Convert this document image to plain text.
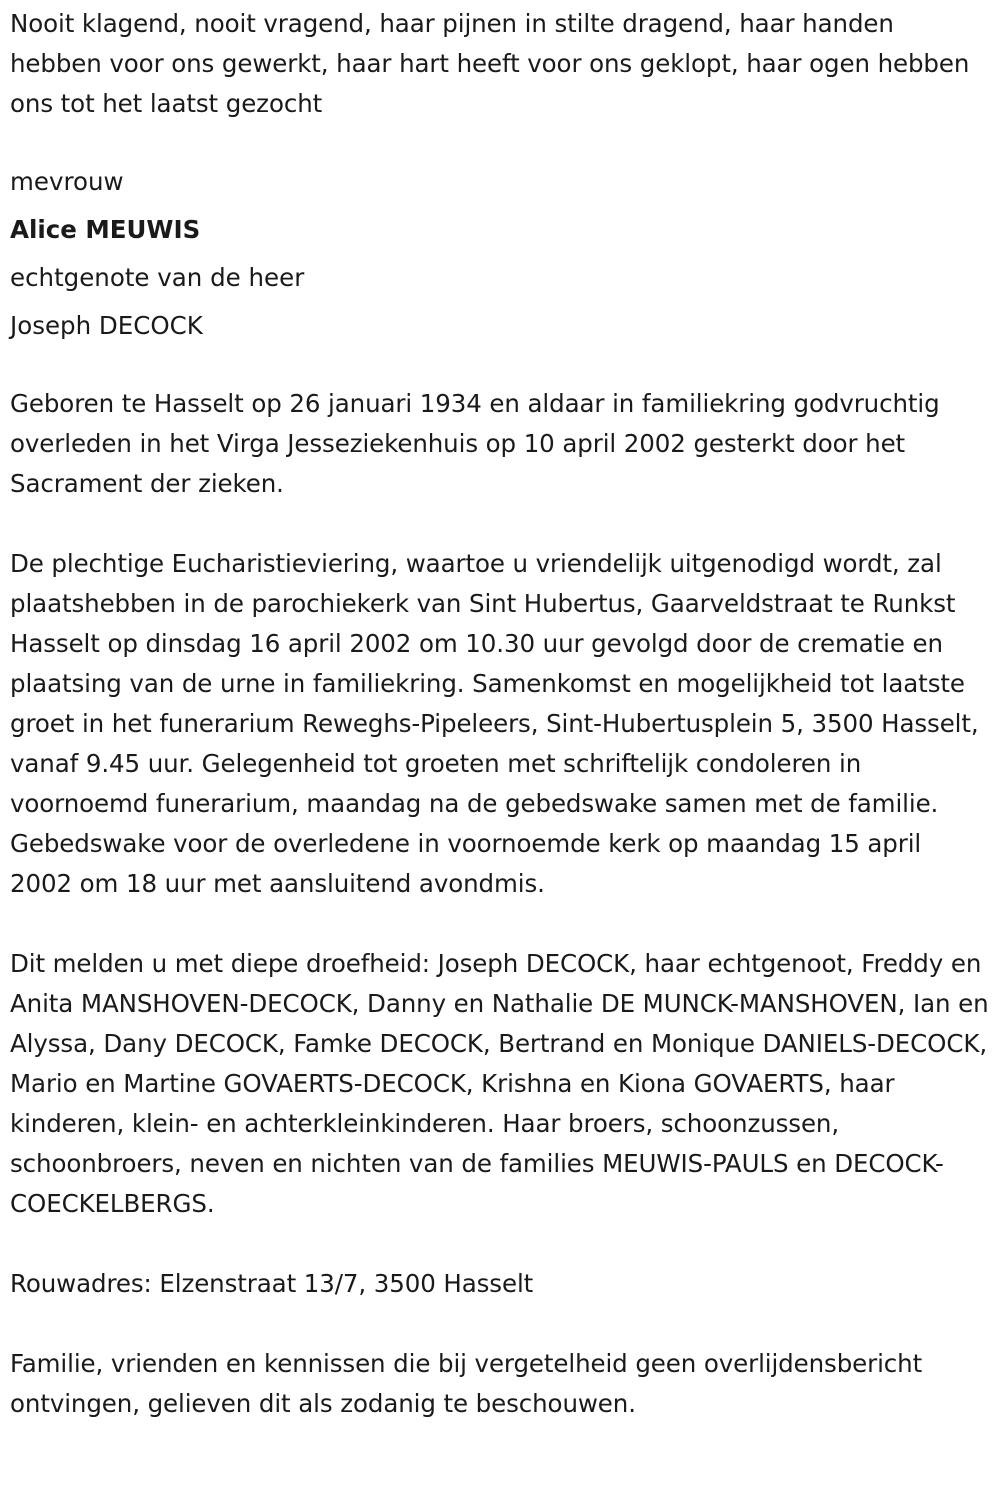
Nooit klagend, nooit vragend, haar pijnen in stilte dragend, haar handen hebben voor ons gewerkt, haar hart heeft voor ons geklopt, haar ogen hebben ons tot het laatst gezocht

mevrouw

Alice MEUWIS

echtgenote van de heer

Joseph DECOCK

Geboren te Hasselt op 26 januari 1934 en aldaar in familiekring godvruchtig overleden in het Virga Jesseziekenhuis op 10 april 2002 gesterkt door het Sacrament der zieken.

De plechtige Eucharistieviering, waartoe u vriendelijk uitgenodigd wordt, zal plaatshebben in de parochiekerk van Sint Hubertus, Gaarveldstraat te Runkst Hasselt op dinsdag 16 april 2002 om 10.30 uur gevolgd door de crematie en plaatsing van de urne in familiekring. Samenkomst en mogelijkheid tot laatste groet in het funerarium Reweghs-Pipeleers, Sint-Hubertusplein 5, 3500 Hasselt, vanaf 9.45 uur. Gelegenheid tot groeten met schriftelijk condoleren in voornoemd funerarium, maandag na de gebedswake samen met de familie. Gebedswake voor de overledene in voornoemde kerk op maandag 15 april 2002 om 18 uur met aansluitend avondmis.

Dit melden u met diepe droefheid: Joseph DECOCK, haar echtgenoot, Freddy en Anita MANSHOVEN-DECOCK, Danny en Nathalie DE MUNCK-MANSHOVEN, Ian en Alyssa, Dany DECOCK, Famke DECOCK, Bertrand en Monique DANIELS-DECOCK, Mario en Martine GOVAERTS-DECOCK, Krishna en Kiona GOVAERTS, haar kinderen, klein- en achterkleinkinderen. Haar broers, schoonzussen, schoonbroers, neven en nichten van de families MEUWIS-PAULS en DECOCK-COECKELBERGS.

Rouwadres: Elzenstraat 13/7, 3500 Hasselt

Familie, vrienden en kennissen die bij vergetelheid geen overlijdensbericht ontvingen, gelieven dit als zodanig te beschouwen.
